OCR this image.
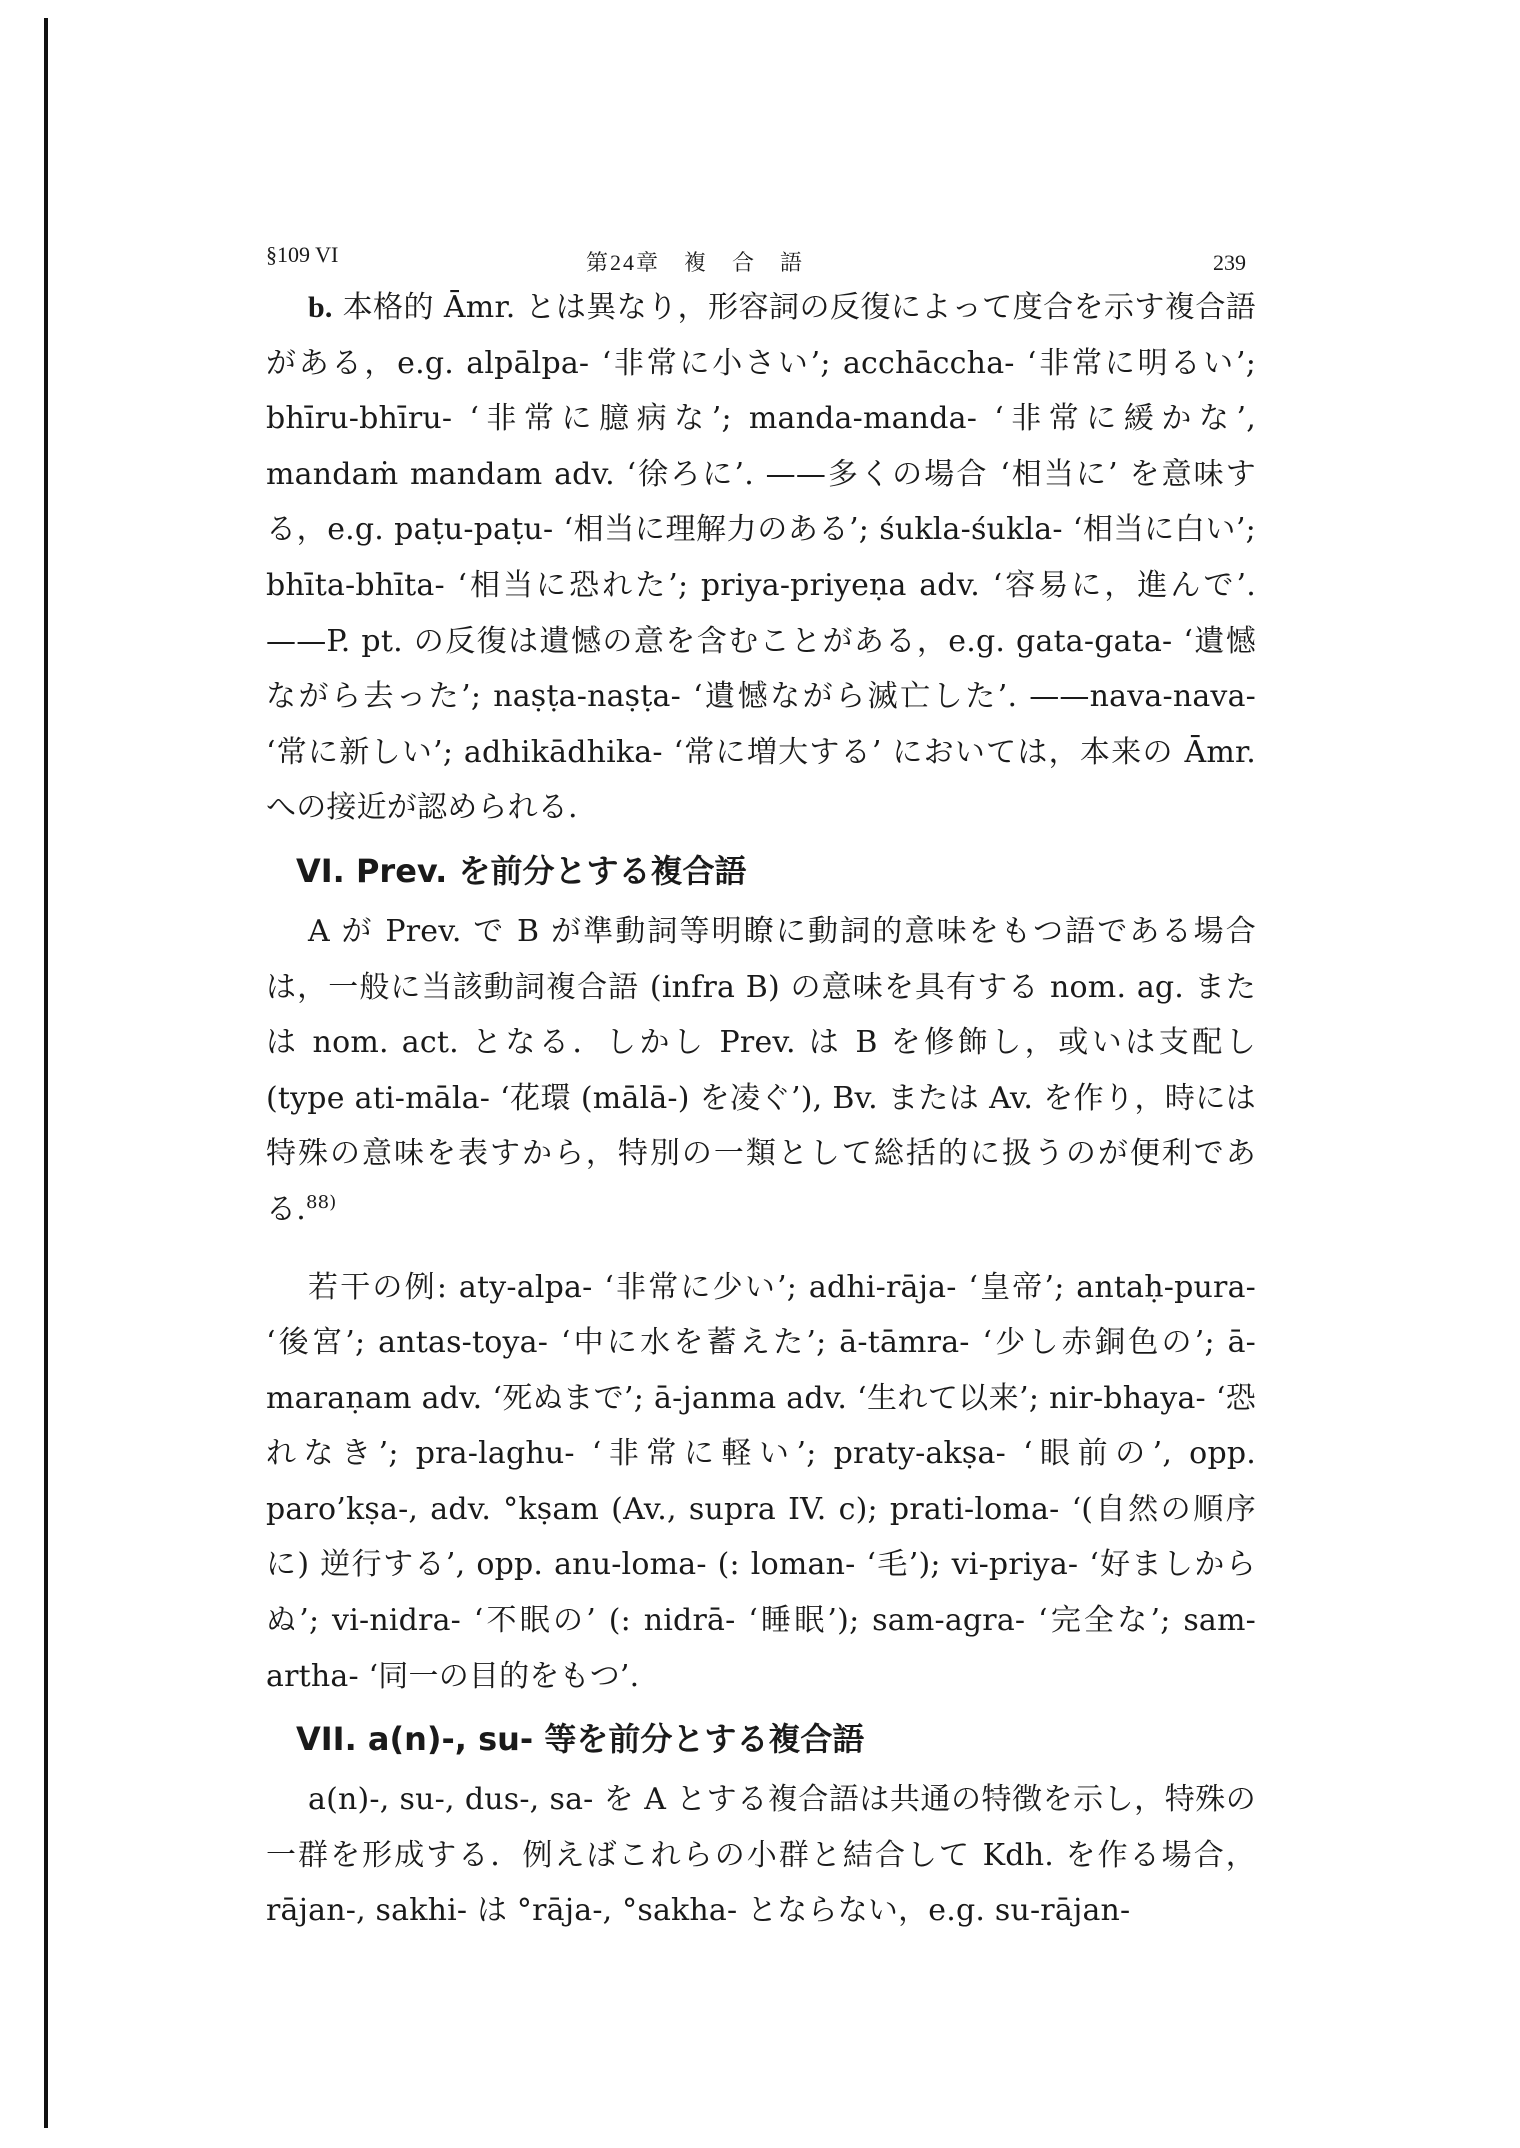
§109 VI	第24章　複　合　語	239

b. 本格的 Āmr. とは異なり，形容詞の反復によって度合を示す複合語がある，e.g. alpālpa- ‘非常に小さい’; acchāccha- ‘非常に明るい’; bhīru-bhīru- ‘非常に臆病な’; manda-manda- ‘非常に緩かな’, mandaṁ mandam adv. ‘徐ろに’. ——多くの場合 ‘相当に’ を意味する，e.g. paṭu-paṭu- ‘相当に理解力のある’; śukla-śukla- ‘相当に白い’; bhīta-bhīta- ‘相当に恐れた’; priya-priyeṇa adv. ‘容易に，進んで’. ——P. pt. の反復は遺憾の意を含むことがある，e.g. gata-gata- ‘遺憾ながら去った’; naṣṭa-naṣṭa- ‘遺憾ながら滅亡した’. ——nava-nava- ‘常に新しい’; adhikādhika- ‘常に増大する’ においては，本来の Āmr. への接近が認められる.

VI. Prev. を前分とする複合語

A が Prev. で B が準動詞等明瞭に動詞的意味をもつ語である場合は，一般に当該動詞複合語 (infra B) の意味を具有する nom. ag. または nom. act. となる．しかし Prev. は B を修飾し，或いは支配し (type ati-māla- ‘花環 (mālā-) を凌ぐ’), Bv. または Av. を作り，時には特殊の意味を表すから，特別の一類として総括的に扱うのが便利である.$^{88)}$

若干の例: aty-alpa- ‘非常に少い’; adhi-rāja- ‘皇帝’; antaḥ-pura- ‘後宮’; antas-toya- ‘中に水を蓄えた’; ā-tāmra- ‘少し赤銅色の’; ā-maraṇam adv. ‘死ぬまで’; ā-janma adv. ‘生れて以来’; nir-bhaya- ‘恐れなき’; pra-laghu- ‘非常に軽い’; praty-akṣa- ‘眼前の’, opp. paro’kṣa-, adv. °kṣam (Av., supra IV. c); prati-loma- ‘(自然の順序に) 逆行する’, opp. anu-loma- (: loman- ‘毛’); vi-priya- ‘好ましからぬ’; vi-nidra- ‘不眠の’ (: nidrā- ‘睡眠’); sam-agra- ‘完全な’; sam-artha- ‘同一の目的をもつ’.

VII. a(n)-, su- 等を前分とする複合語

a(n)-, su-, dus-, sa- を A とする複合語は共通の特徴を示し，特殊の一群を形成する．例えばこれらの小群と結合して Kdh. を作る場合，rājan-, sakhi- は °rāja-, °sakha- とならない，e.g. su-rājan-
